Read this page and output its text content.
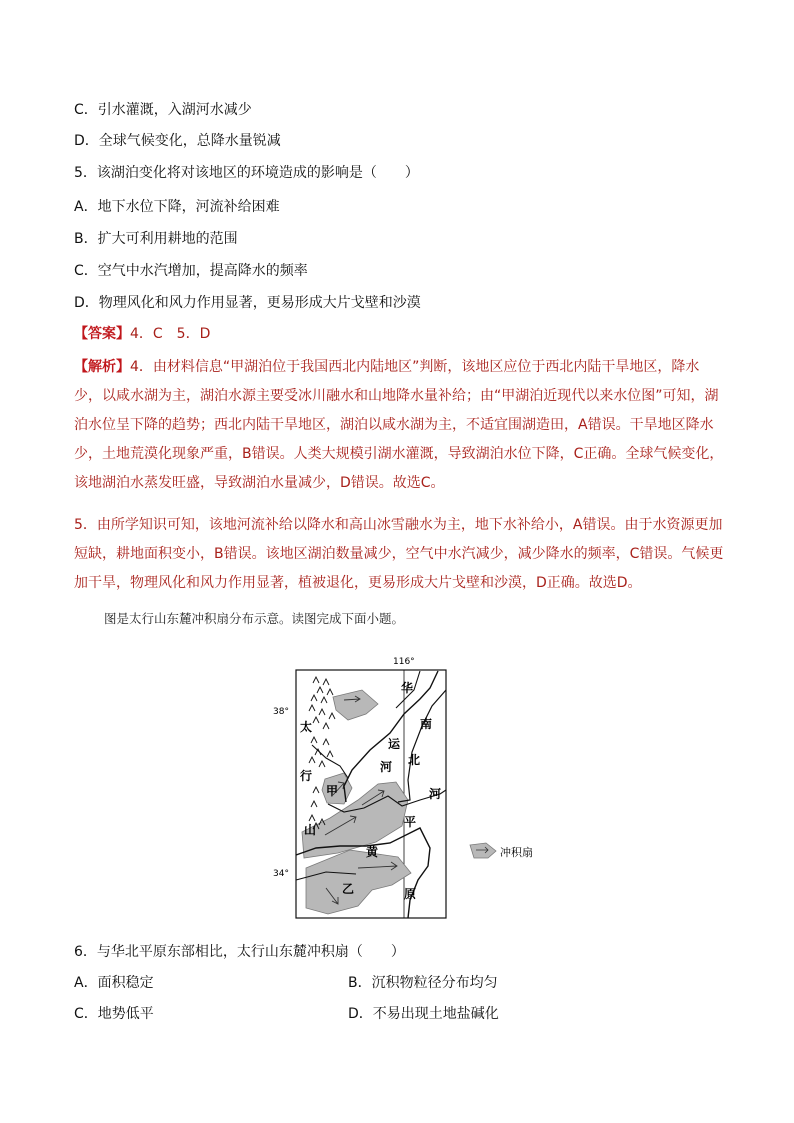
C．引水灌溉，入湖河水减少
D．全球气候变化，总降水量锐减
5．该湖泊变化将对该地区的环境造成的影响是（　　）
A．地下水位下降，河流补给困难
B．扩大可利用耕地的范围
C．空气中水汽增加，提高降水的频率
D．物理风化和风力作用显著，更易形成大片戈壁和沙漠
【答案】4．C　5．D
【解析】4．由材料信息“甲湖泊位于我国西北内陆地区”判断，该地区应位于西北内陆干旱地区，降水少，以咸水湖为主，湖泊水源主要受冰川融水和山地降水量补给；由“甲湖泊近现代以来水位图”可知，湖泊水位呈下降的趋势；西北内陆干旱地区，湖泊以咸水湖为主，不适宜围湖造田，A错误。干旱地区降水少，土地荒漠化现象严重，B错误。人类大规模引湖水灌溉，导致湖泊水位下降，C正确。全球气候变化，该地湖泊水蒸发旺盛，导致湖泊水量减少，D错误。故选C。
5．由所学知识可知，该地河流补给以降水和高山冰雪融水为主，地下水补给小，A错误。由于水资源更加短缺，耕地面积变小，B错误。该地区湖泊数量减少，空气中水汽减少，减少降水的频率，C错误。气候更加干旱，物理风化和风力作用显著，植被退化，更易形成大片戈壁和沙漠，D正确。故选D。
图是太行山东麓冲积扇分布示意。读图完成下面小题。
116°
38°
34°
太
行
山
华
北
平
原
南
运
河
黄
河
甲
乙
冲积扇
6．与华北平原东部相比，太行山东麓冲积扇（　　）
A．面积稳定	B．沉积物粒径分布均匀
C．地势低平	D．不易出现土地盐碱化
